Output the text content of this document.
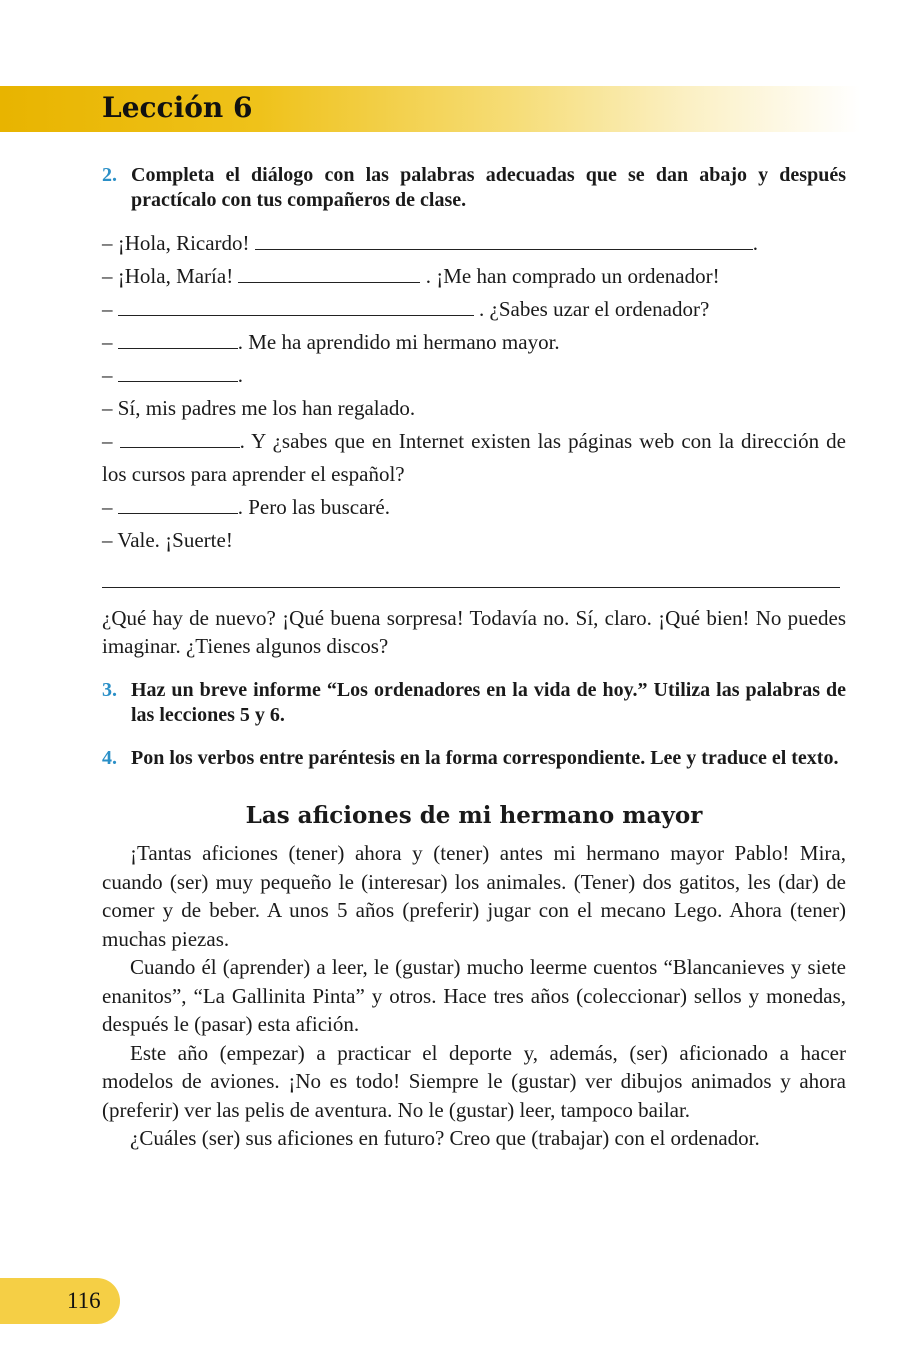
Lección 6
2. Completa el diálogo con las palabras adecuadas que se dan abajo y después practícalo con tus compañeros de clase.
– ¡Hola, Ricardo!	.
– ¡Hola, María!	. ¡Me han comprado un ordenador!
–	. ¿Sabes uzar el ordenador?
–	. Me ha aprendido mi hermano mayor.
–	.
– Sí, mis padres me los han regalado.
–	. Y ¿sabes que en Internet existen las páginas web con la dirección de los cursos para aprender el español?
–	. Pero las buscaré.
– Vale. ¡Suerte!
¿Qué hay de nuevo? ¡Qué buena sorpresa! Todavía no. Sí, claro. ¡Qué bien! No puedes imaginar. ¿Tienes algunos discos?
3. Haz un breve informe “Los ordenadores en la vida de hoy.” Utiliza las palabras de las lecciones 5 y 6.
4. Pon los verbos entre paréntesis en la forma correspondiente. Lee y traduce el texto.
Las aficiones de mi hermano mayor

¡Tantas aficiones (tener) ahora y (tener) antes mi hermano mayor Pablo! Mira, cuando (ser) muy pequeño le (interesar) los animales. (Tener) dos gatitos, les (dar) de comer y de beber. A unos 5 años (preferir) jugar con el mecano Lego. Ahora (tener) muchas piezas.

Cuando él (aprender) a leer, le (gustar) mucho leerme cuentos “Blancanieves y siete enanitos”, “La Gallinita Pinta” y otros. Hace tres años (coleccionar) sellos y monedas, después le (pasar) esta afición.

Este año (empezar) a practicar el deporte y, además, (ser) aficionado a hacer modelos de aviones. ¡No es todo! Siempre le (gustar) ver dibujos animados y ahora (preferir) ver las pelis de aventura. No le (gustar) leer, tampoco bailar.

¿Cuáles (ser) sus aficiones en futuro? Creo que (trabajar) con el ordenador.

116
